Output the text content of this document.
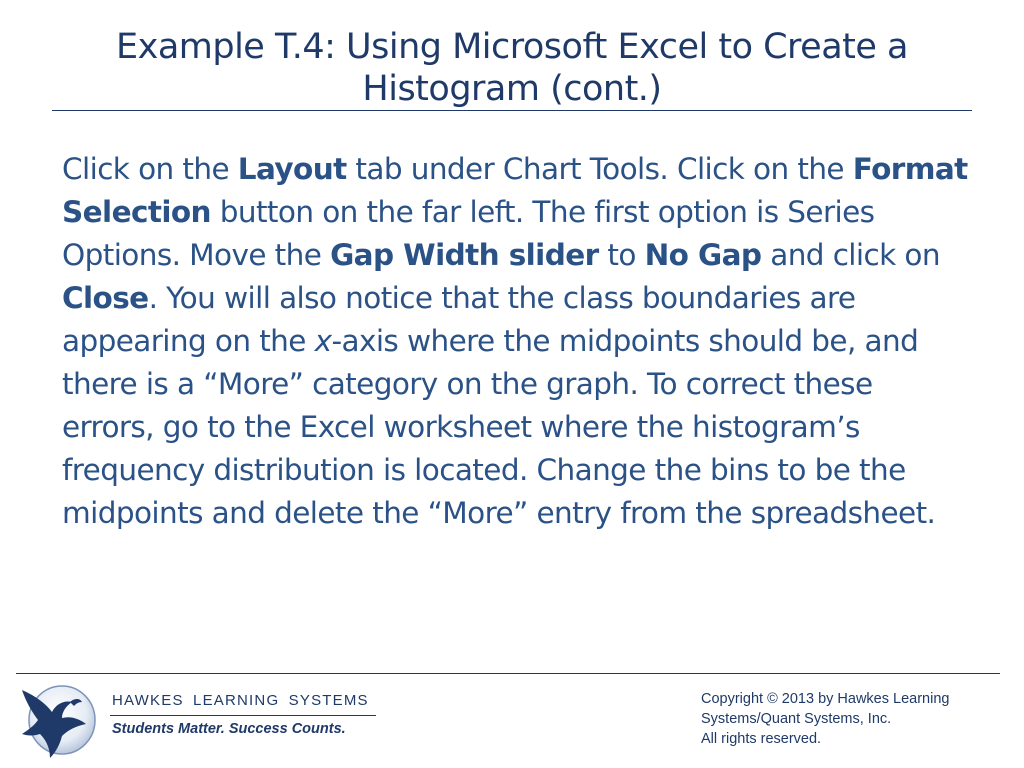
Example T.4: Using Microsoft Excel to Create a Histogram (cont.)

Click on the Layout tab under Chart Tools. Click on the Format Selection button on the far left. The first option is Series Options. Move the Gap Width slider to No Gap and click on Close. You will also notice that the class boundaries are appearing on the x-axis where the midpoints should be, and there is a “More” category on the graph. To correct these errors, go to the Excel worksheet where the histogram’s frequency distribution is located. Change the bins to be the midpoints and delete the “More” entry from the spreadsheet.

HAWKES LEARNING SYSTEMS
Students Matter. Success Counts.
Copyright © 2013 by Hawkes Learning
Systems/Quant Systems, Inc.
All rights reserved.
